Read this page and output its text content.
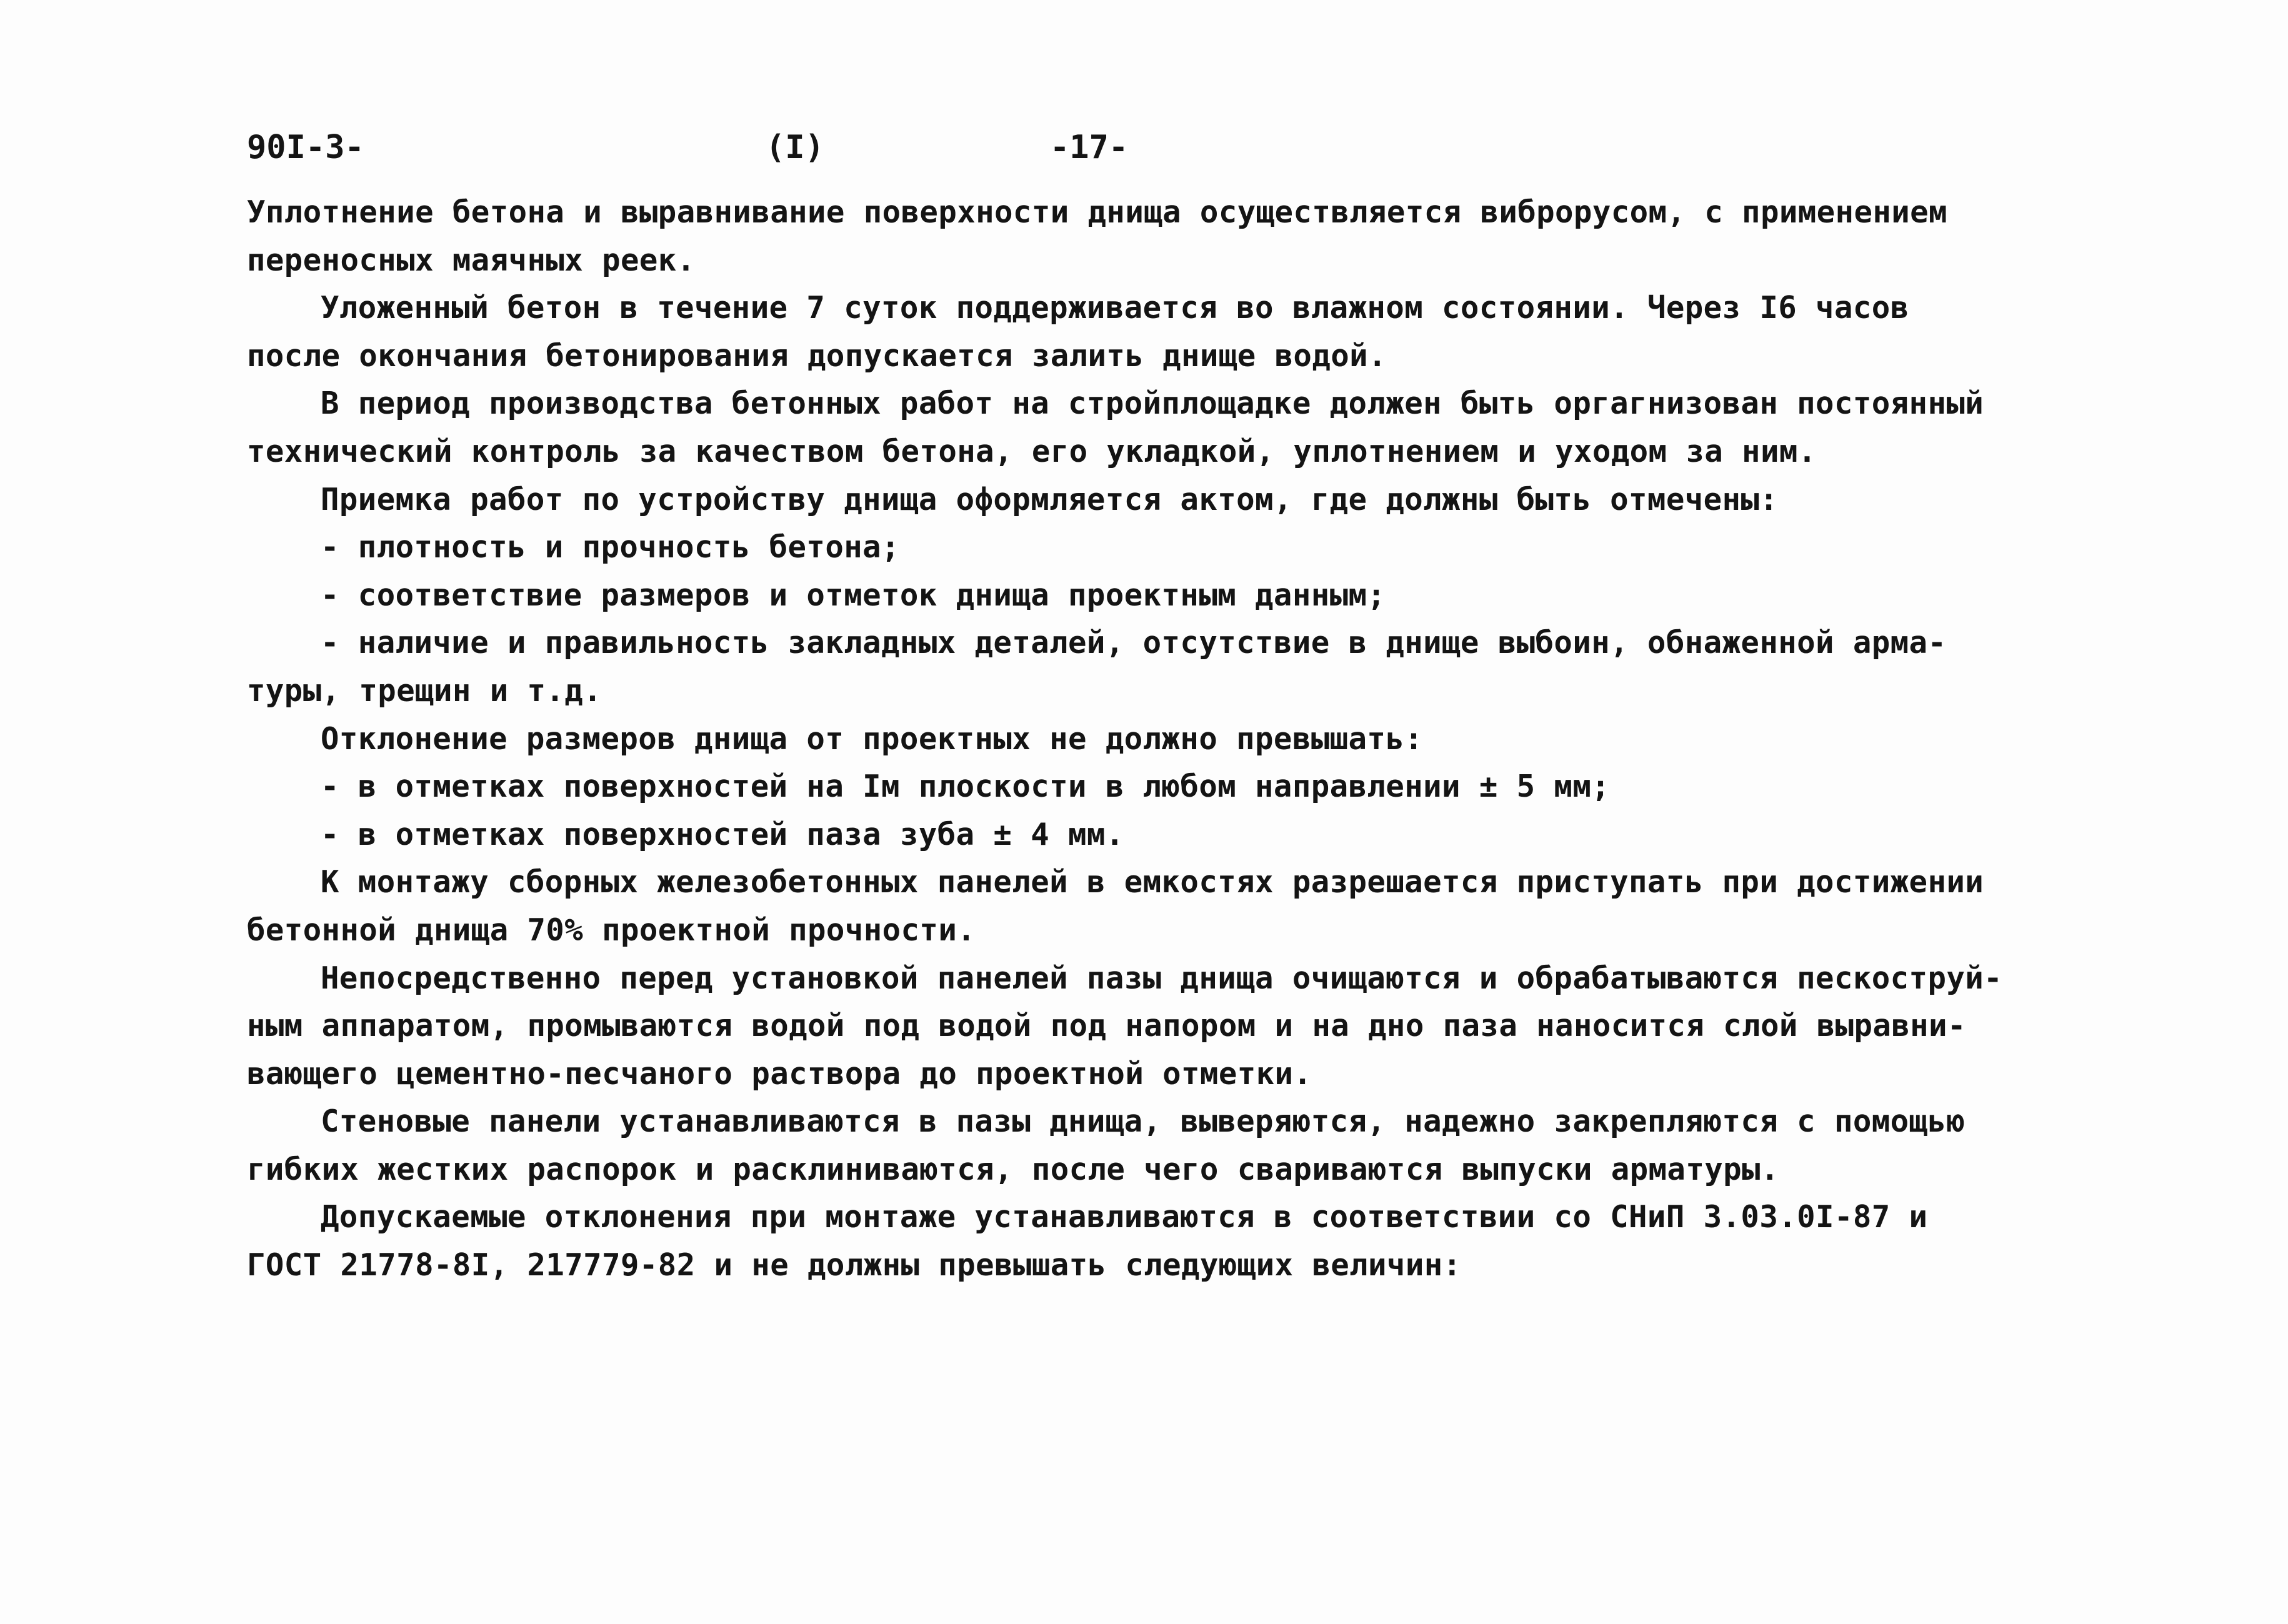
90I-3-	(I)	-17-
Уплотнение бетона и выравнивание поверхности днища осуществляется виброрусом, с применением
переносных маячных реек.
Уложенный бетон в течение 7 суток поддерживается во влажном состоянии. Через I6 часов
после окончания бетонирования допускается залить днище водой.
В период производства бетонных работ на стройплощадке должен быть оргагнизован постоянный
технический контроль за качеством бетона, его укладкой, уплотнением и уходом за ним.
Приемка работ по устройству днища оформляется актом, где должны быть отмечены:
- плотность и прочность бетона;
- соответствие размеров и отметок днища проектным данным;
- наличие и правильность закладных деталей, отсутствие в днище выбоин, обнаженной арма-
туры, трещин и т.д.
Отклонение размеров днища от проектных не должно превышать:
- в отметках поверхностей на Iм плоскости в любом направлении ± 5 мм;
- в отметках поверхностей паза зуба ± 4 мм.
К монтажу сборных железобетонных панелей в емкостях разрешается приступать при достижении
бетонной днища 70% проектной прочности.
Непосредственно перед установкой панелей пазы днища очищаются и обрабатываются пескоструй-
ным аппаратом, промываются водой под водой под напором и на дно паза наносится слой выравни-
вающего цементно-песчаного раствора до проектной отметки.
Стеновые панели устанавливаются в пазы днища, выверяются, надежно закрепляются с помощью
гибких жестких распорок и расклиниваются, после чего свариваются выпуски арматуры.
Допускаемые отклонения при монтаже устанавливаются в соответствии со СНиП 3.03.0I-87 и
ГОСТ 21778-8I, 217779-82 и не должны превышать следующих величин:
